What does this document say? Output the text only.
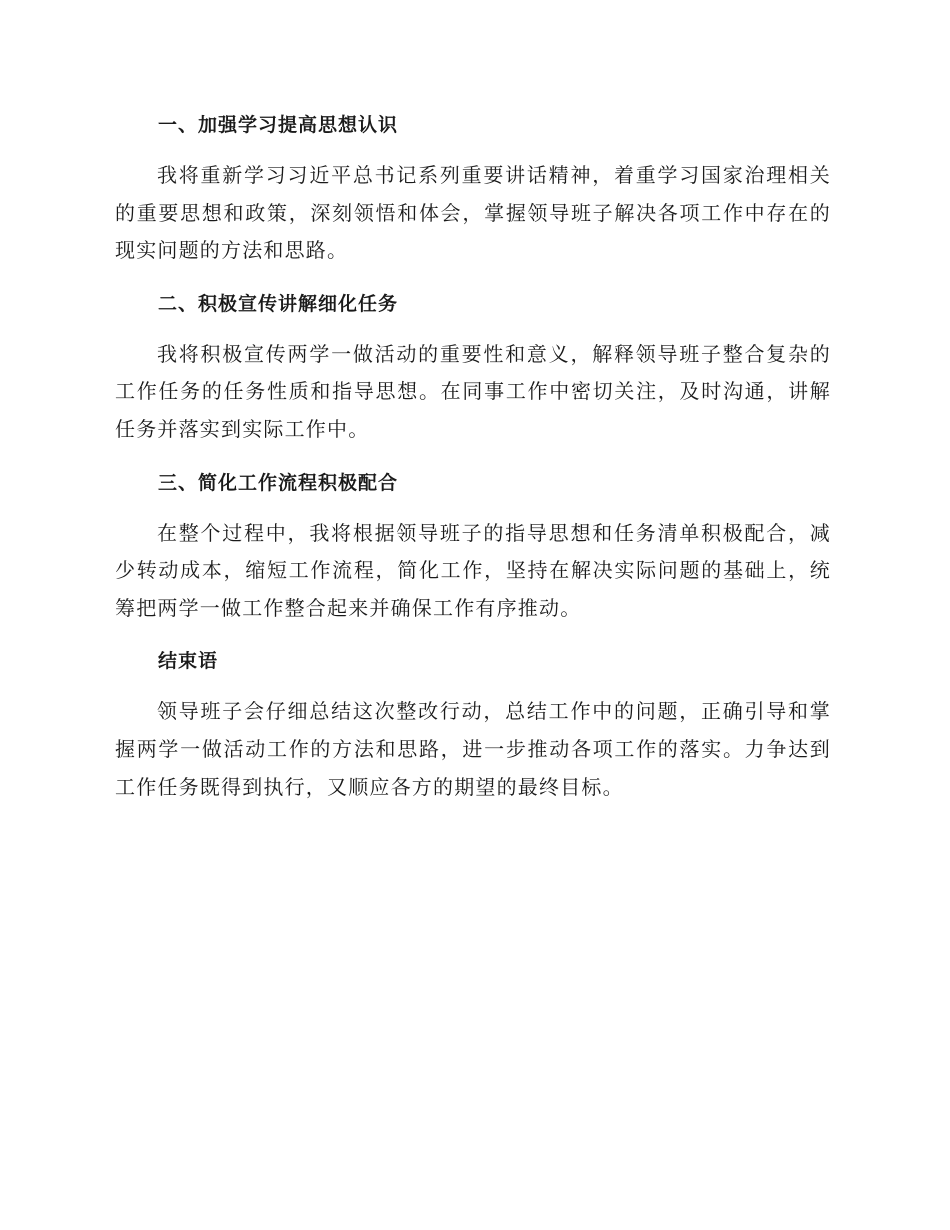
一、加强学习提高思想认识

我将重新学习习近平总书记系列重要讲话精神，着重学习国家治理相关的重要思想和政策，深刻领悟和体会，掌握领导班子解决各项工作中存在的现实问题的方法和思路。

二、积极宣传讲解细化任务

我将积极宣传两学一做活动的重要性和意义，解释领导班子整合复杂的工作任务的任务性质和指导思想。在同事工作中密切关注，及时沟通，讲解任务并落实到实际工作中。

三、简化工作流程积极配合

在整个过程中，我将根据领导班子的指导思想和任务清单积极配合，减少转动成本，缩短工作流程，简化工作，坚持在解决实际问题的基础上，统筹把两学一做工作整合起来并确保工作有序推动。

结束语

领导班子会仔细总结这次整改行动，总结工作中的问题，正确引导和掌握两学一做活动工作的方法和思路，进一步推动各项工作的落实。力争达到工作任务既得到执行，又顺应各方的期望的最终目标。
